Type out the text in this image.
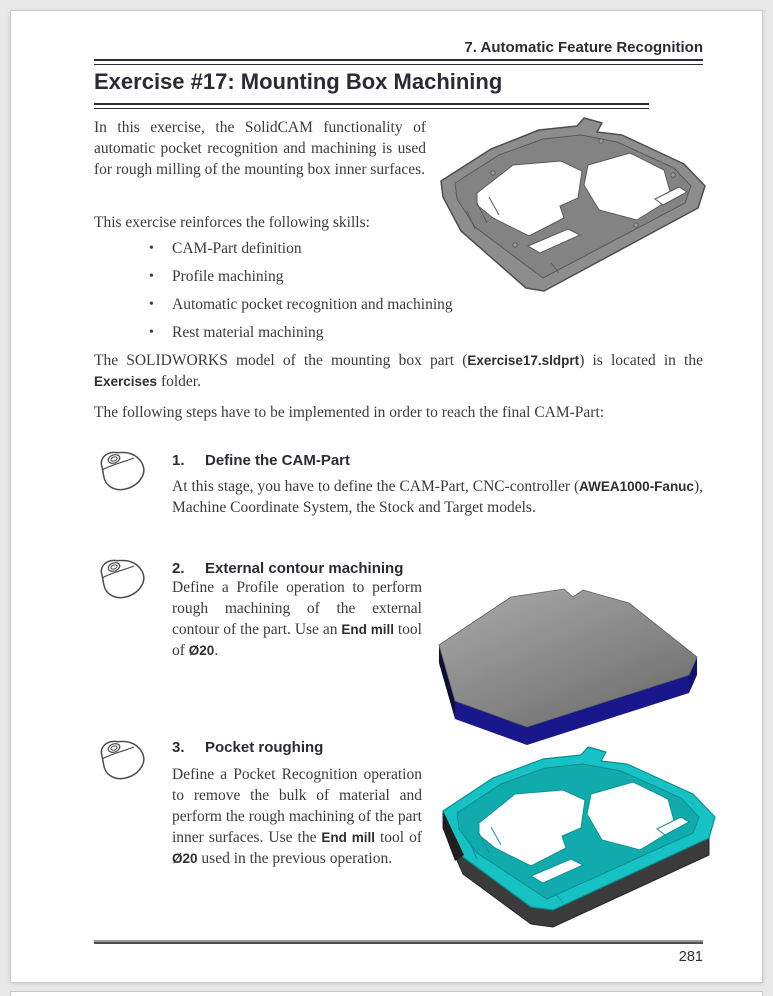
7. Automatic Feature Recognition
Exercise #17: Mounting Box Machining

In this exercise, the SolidCAM functionality of automatic pocket recognition and machining is used for rough milling of the mounting box inner surfaces.

This exercise reinforces the following skills:

• CAM-Part definition
• Profile machining
• Automatic pocket recognition and machining
• Rest material machining

The SOLIDWORKS model of the mounting box part (Exercise17.sldprt) is located in the Exercises folder.

The following steps have to be implemented in order to reach the final CAM-Part:

1. Define the CAM-Part

At this stage, you have to define the CAM-Part, CNC-controller (AWEA1000-Fanuc), Machine Coordinate System, the Stock and Target models.

2. External contour machining

Define a Profile operation to perform rough machining of the external contour of the part. Use an End mill tool of Ø20.

3. Pocket roughing

Define a Pocket Recognition operation to remove the bulk of material and perform the rough machining of the part inner surfaces. Use the End mill tool of Ø20 used in the previous operation.

281
